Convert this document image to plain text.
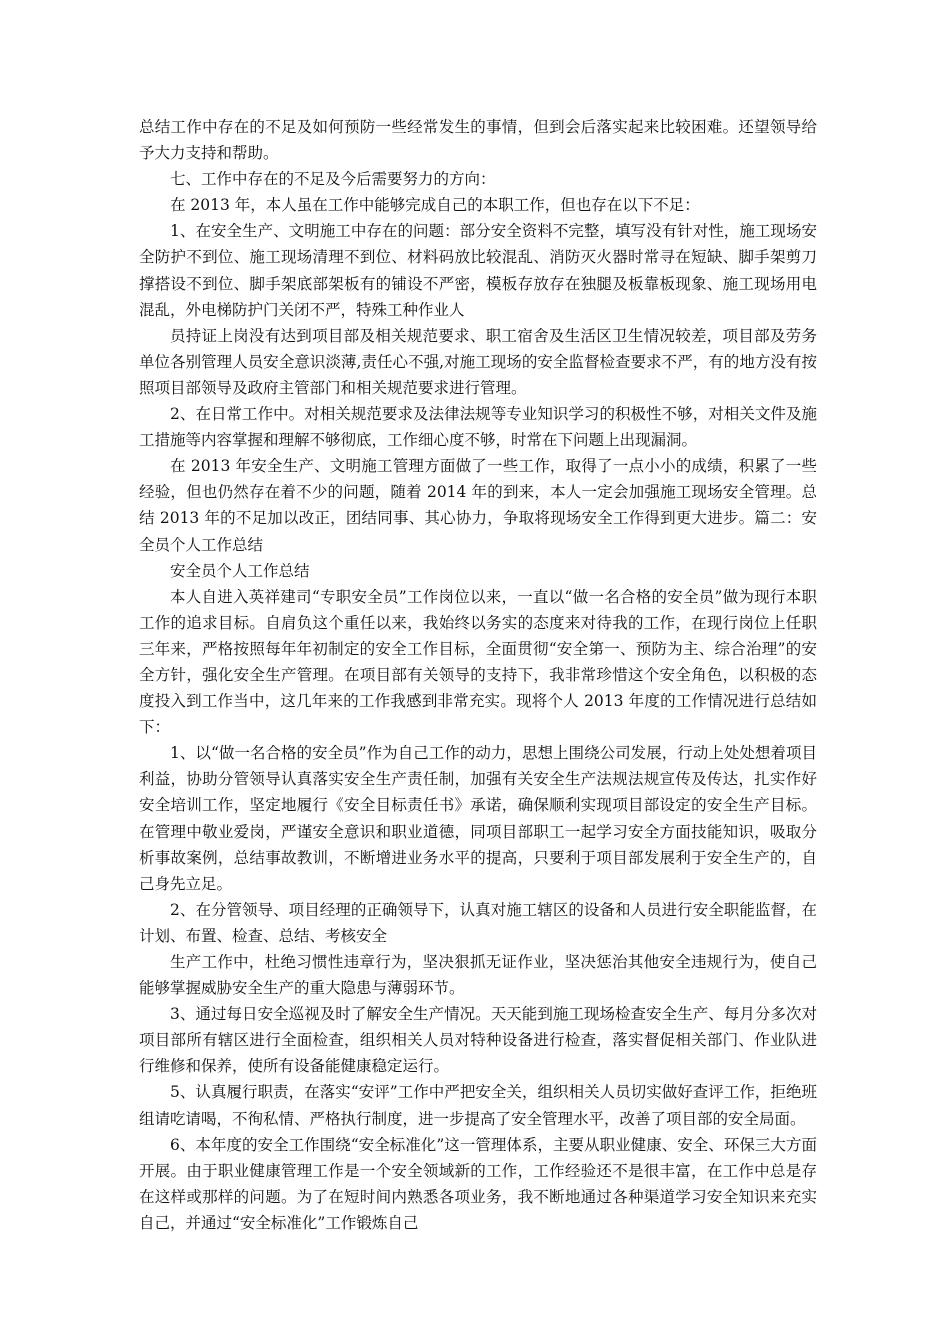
总结工作中存在的不足及如何预防一些经常发生的事情，但到会后落实起来比较困难。还望领导给予大力支持和帮助。

七、工作中存在的不足及今后需要努力的方向：

在 2013 年，本人虽在工作中能够完成自己的本职工作，但也存在以下不足：

1、在安全生产、文明施工中存在的问题：部分安全资料不完整，填写没有针对性，施工现场安全防护不到位、施工现场清理不到位、材料码放比较混乱、消防灭火器时常寻在短缺、脚手架剪刀撑搭设不到位、脚手架底部架板有的铺设不严密，模板存放存在独腿及板靠板现象、施工现场用电混乱，外电梯防护门关闭不严，特殊工种作业人

员持证上岗没有达到项目部及相关规范要求、职工宿舍及生活区卫生情况较差，项目部及劳务单位各别管理人员安全意识淡薄,责任心不强,对施工现场的安全监督检查要求不严，有的地方没有按照项目部领导及政府主管部门和相关规范要求进行管理。

2、在日常工作中。对相关规范要求及法律法规等专业知识学习的积极性不够，对相关文件及施工措施等内容掌握和理解不够彻底，工作细心度不够，时常在下问题上出现漏洞。

在 2013 年安全生产、文明施工管理方面做了一些工作，取得了一点小小的成绩，积累了一些经验，但也仍然存在着不少的问题，随着 2014 年的到来，本人一定会加强施工现场安全管理。总结 2013 年的不足加以改正，团结同事、其心协力，争取将现场安全工作得到更大进步。篇二：安全员个人工作总结

安全员个人工作总结

本人自进入英祥建司“专职安全员”工作岗位以来，一直以“做一名合格的安全员”做为现行本职工作的追求目标。自肩负这个重任以来，我始终以务实的态度来对待我的工作，在现行岗位上任职三年来，严格按照每年年初制定的安全工作目标，全面贯彻“安全第一、预防为主、综合治理”的安全方针，强化安全生产管理。在项目部有关领导的支持下，我非常珍惜这个安全角色，以积极的态度投入到工作当中，这几年来的工作我感到非常充实。现将个人 2013 年度的工作情况进行总结如下：

1、以“做一名合格的安全员”作为自己工作的动力，思想上围绕公司发展，行动上处处想着项目利益，协助分管领导认真落实安全生产责任制，加强有关安全生产法规法规宣传及传达，扎实作好安全培训工作，坚定地履行《安全目标责任书》承诺，确保顺利实现项目部设定的安全生产目标。在管理中敬业爱岗，严谨安全意识和职业道德，同项目部职工一起学习安全方面技能知识，吸取分析事故案例，总结事故教训，不断增进业务水平的提高，只要利于项目部发展利于安全生产的，自己身先立足。

2、在分管领导、项目经理的正确领导下，认真对施工辖区的设备和人员进行安全职能监督，在计划、布置、检查、总结、考核安全

生产工作中，杜绝习惯性违章行为，坚决狠抓无证作业，坚决惩治其他安全违规行为，使自己能够掌握威胁安全生产的重大隐患与薄弱环节。

3、通过每日安全巡视及时了解安全生产情况。天天能到施工现场检查安全生产、每月分多次对项目部所有辖区进行全面检查，组织相关人员对特种设备进行检查，落实督促相关部门、作业队进行维修和保养，使所有设备能健康稳定运行。

5、认真履行职责，在落实“安评”工作中严把安全关，组织相关人员切实做好查评工作，拒绝班组请吃请喝，不徇私情、严格执行制度，进一步提高了安全管理水平，改善了项目部的安全局面。

6、本年度的安全工作围绕“安全标准化”这一管理体系，主要从职业健康、安全、环保三大方面开展。由于职业健康管理工作是一个安全领域新的工作，工作经验还不是很丰富，在工作中总是存在这样或那样的问题。为了在短时间内熟悉各项业务，我不断地通过各种渠道学习安全知识来充实自己，并通过“安全标准化”工作锻炼自己
